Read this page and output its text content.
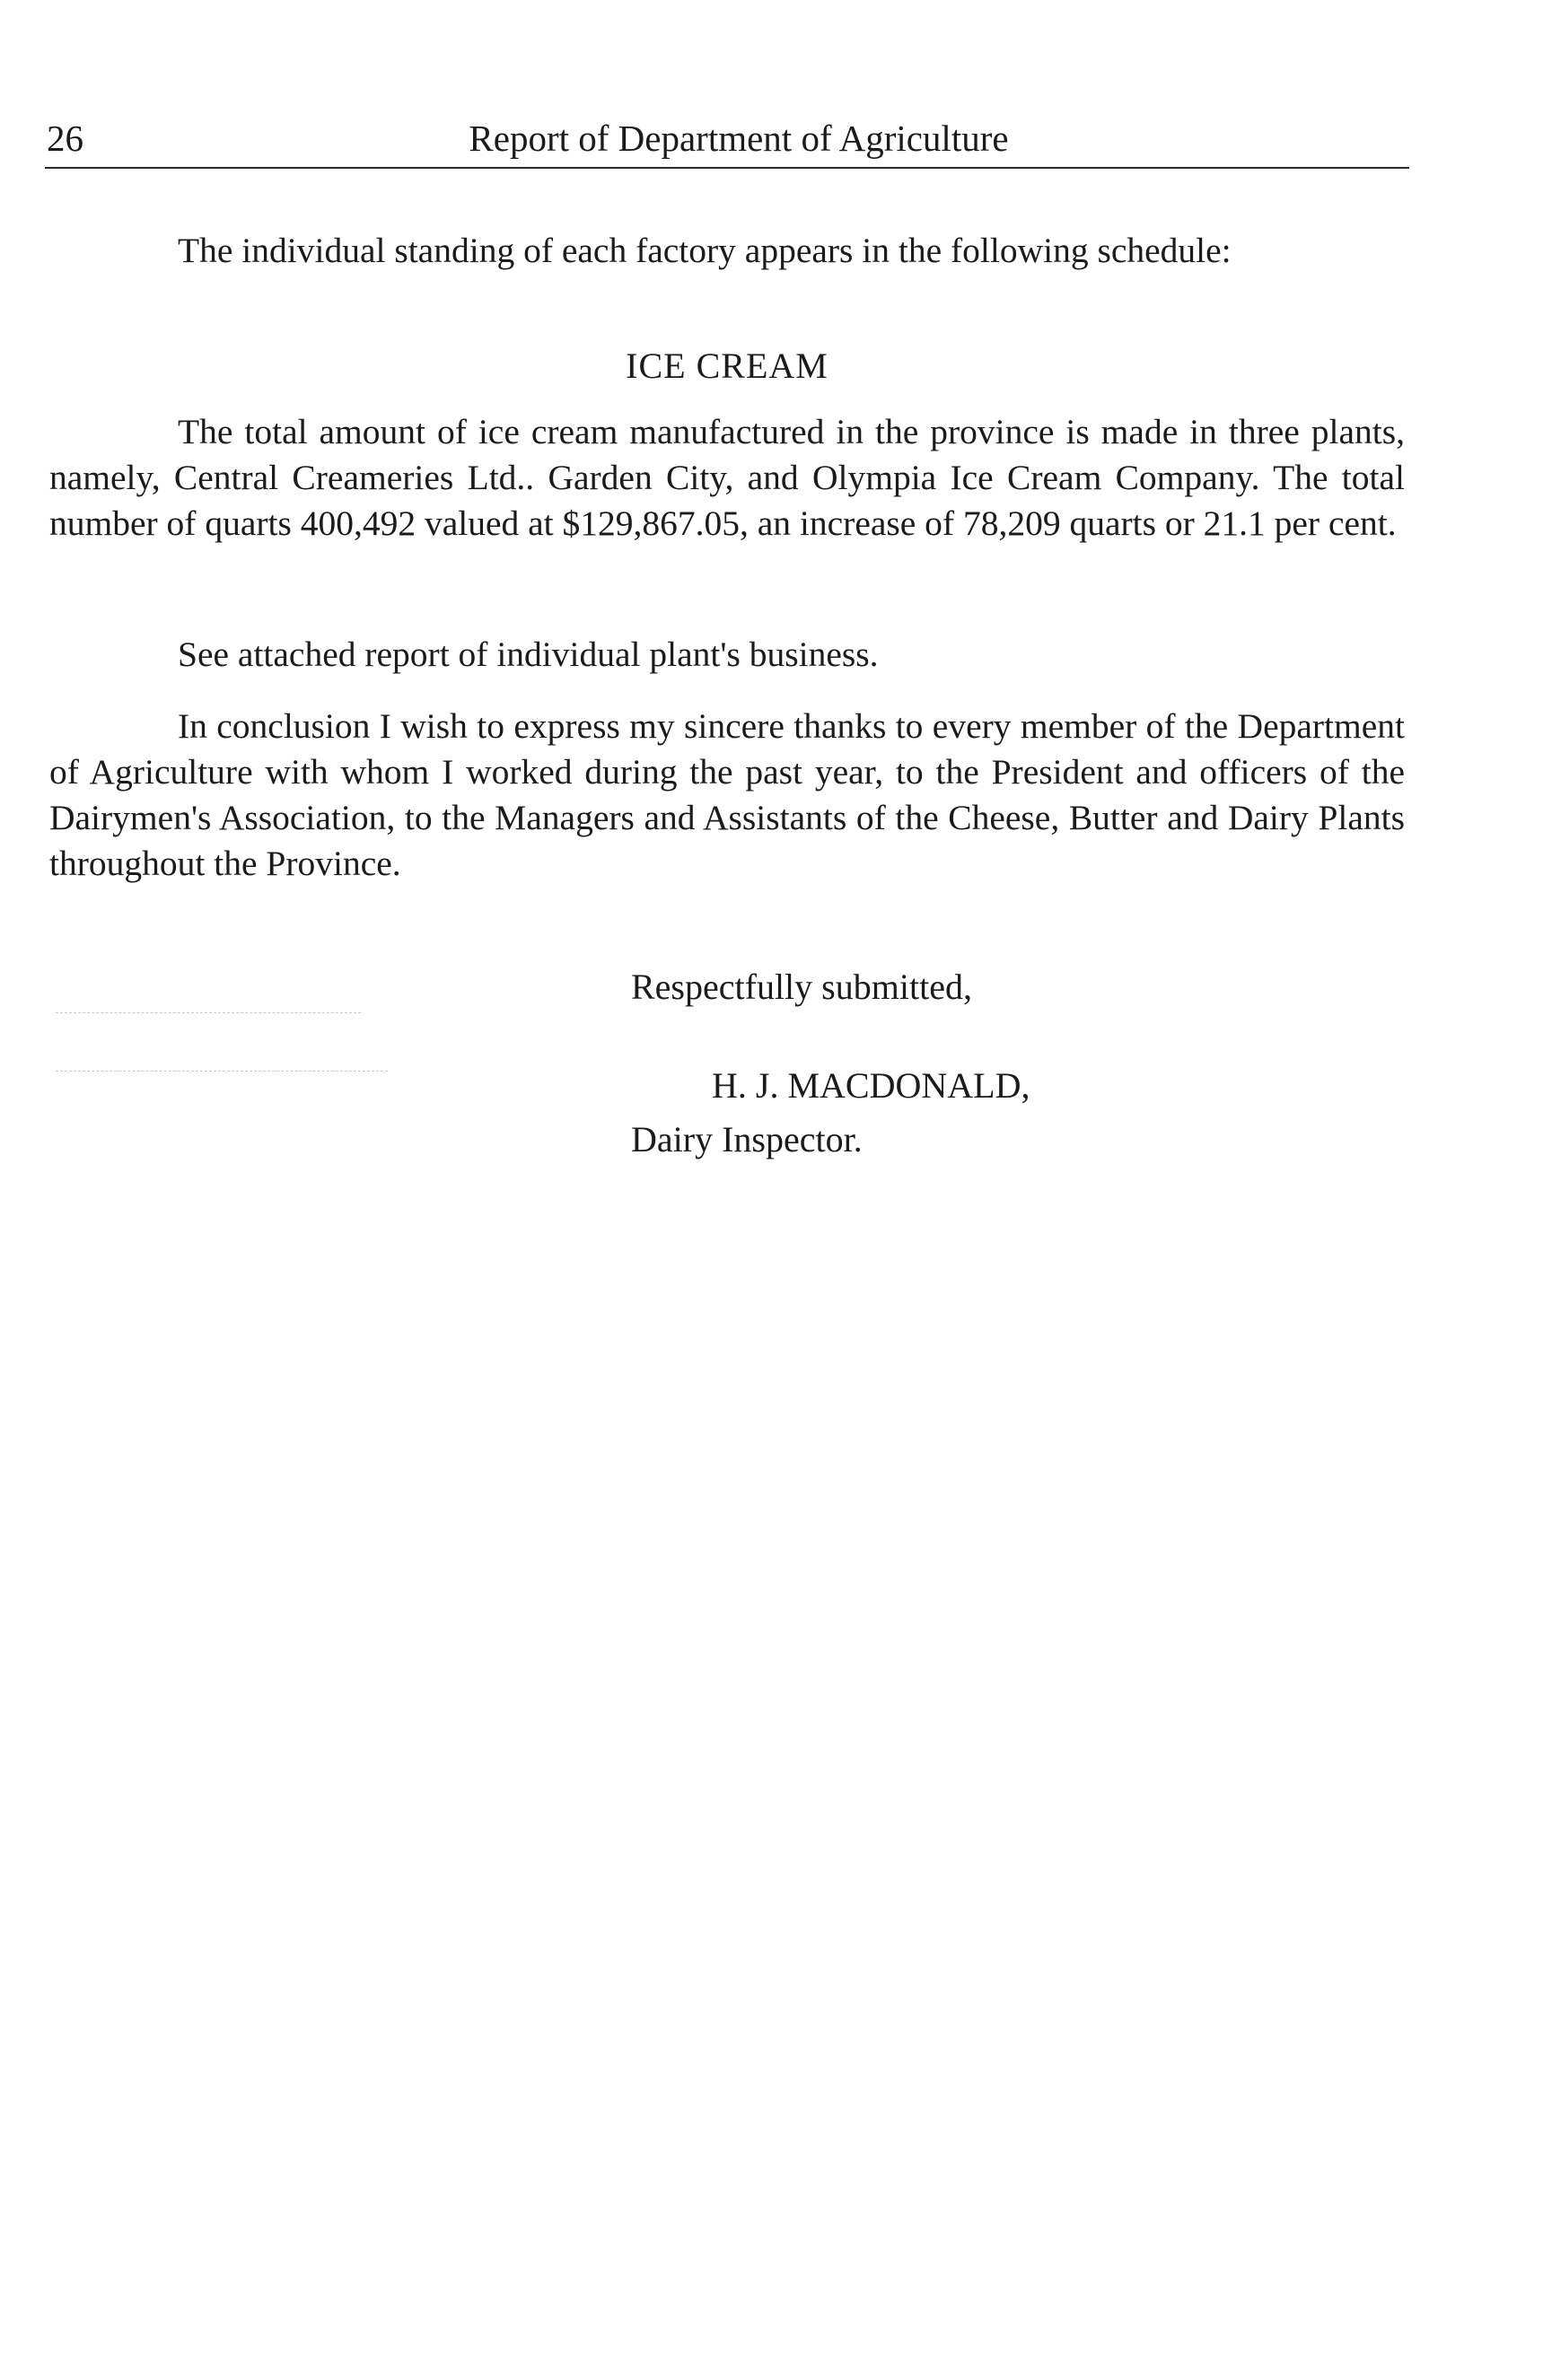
26	Report of Department of Agriculture

The individual standing of each factory appears in the following schedule:

ICE CREAM

The total amount of ice cream manufactured in the province is made in three plants, namely, Central Creameries Ltd.. Garden City, and Olympia Ice Cream Company. The total number of quarts 400,492 valued at $129,867.05, an increase of 78,209 quarts or 21.1 per cent.

See attached report of individual plant's business.

In conclusion I wish to express my sincere thanks to every member of the Department of Agriculture with whom I worked during the past year, to the President and officers of the Dairymen's Association, to the Managers and Assistants of the Cheese, Butter and Dairy Plants throughout the Province.

Respectfully submitted,
H. J. MACDONALD,
Dairy Inspector.
